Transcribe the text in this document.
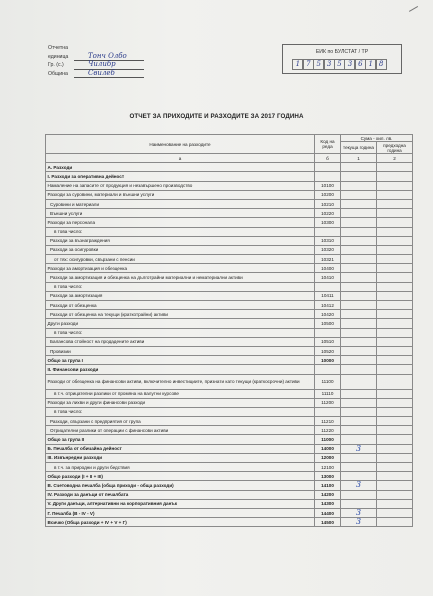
Отчетна единица	Тонч Олбо
Гр. (с.)	Чилибр
Община	Свилеб
ЕИК по БУЛСТАТ / ТР
1 7 5 3 5 3 6 1 8
ОТЧЕТ ЗА ПРИХОДИТЕ И РАЗХОДИТЕ ЗА 2017 ГОДИНА
Наименование на разходите	Код на реда	Сума - хил. лв.	
		текуща година	предходна година
а	б	1	2
А. Разходи			
I. Разходи за оперативна дейност			
Намаление на запасите от продукция и незавършено производство	10100		
Разходи за суровини, материали и външни услуги	10200		
Суровини и материали	10210		
Външни услуги	10220		
Разходи за персонала	10300		
в това число:			
Разходи за възнаграждения	10310		
Разходи за осигуровки	10320		
от тях: осигуровки, свързани с пенсии	10321		
Разходи за амортизация и обезценка	10400		
Разходи за амортизация и обезценка на дълготрайни материални и нематериални активи	10410		
в това число:			
Разходи за амортизация	10411		
Разходи от обезценка	10412		
Разходи от обезценка на текущи (краткотрайни) активи	10420		
Други разходи	10500		
в това число:			
Балансова стойност на продадените активи	10510		
Провизии	10520		
Общо за група I	10000		
II. Финансови разходи			
Разходи от обезценка на финансови активи, включително инвестициите, признати като текущи (краткосрочни) активи	11100		
в т.ч. отрицателни разлики от промяна на валутни курсове	11110		
Разходи за лихви и други финансови разходи	11200		
в това число:			
Разходи, свързани с предприятия от група	11210		
Отрицателни разлики от операции с финансови активи	11220		
Общо за група II	11000		
Б. Печалба от обичайна дейност	14000	3	
III. Извънредни разходи	12000		
в т.ч. за природни и други бедствия	12100		
Общо разходи (I + II + III)	13000		
В. Счетоводна печалба (обща приходи - обща разходи)	14100	3	
IV. Разходи за данъци от печалбата	14200		
V. Други данъци, алтернативни на корпоративния данък	14300		
Г. Печалба (В - IV - V)	14400	3	
Всичко (Обща разходи + IV + V + Г)	14500	3	
